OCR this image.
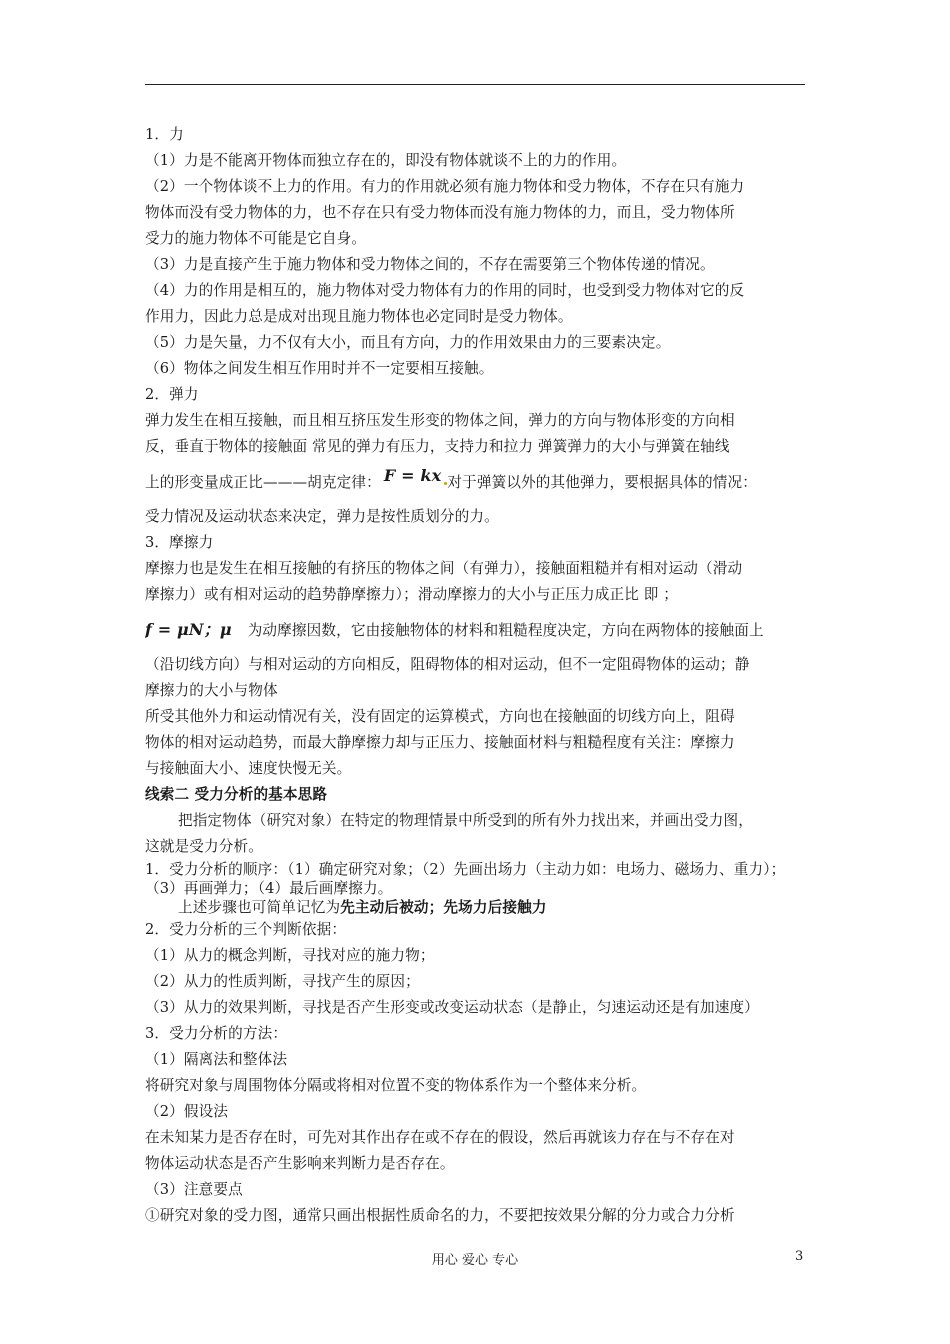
1．力
（1）力是不能离开物体而独立存在的，即没有物体就谈不上的力的作用。
（2）一个物体谈不上力的作用。有力的作用就必须有施力物体和受力物体，不存在只有施力
物体而没有受力物体的力，也不存在只有受力物体而没有施力物体的力，而且，受力物体所
受力的施力物体不可能是它自身。
（3）力是直接产生于施力物体和受力物体之间的，不存在需要第三个物体传递的情况。
（4）力的作用是相互的，施力物体对受力物体有力的作用的同时，也受到受力物体对它的反
作用力，因此力总是成对出现且施力物体也必定同时是受力物体。
（5）力是矢量，力不仅有大小，而且有方向，力的作用效果由力的三要素决定。
（6）物体之间发生相互作用时并不一定要相互接触。
2．弹力
弹力发生在相互接触，而且相互挤压发生形变的物体之间，弹力的方向与物体形变的方向相
反，垂直于物体的接触面 常见的弹力有压力，支持力和拉力 弹簧弹力的大小与弹簧在轴线
上的形变量成正比———胡克定律： F = kx 对于弹簧以外的其他弹力，要根据具体的情况：
受力情况及运动状态来决定，弹力是按性质划分的力。
3．摩擦力
摩擦力也是发生在相互接触的有挤压的物体之间（有弹力），接触面粗糙并有相对运动（滑动
摩擦力）或有相对运动的趋势静摩擦力）；滑动摩擦力的大小与正压力成正比 即 ；
f = μN；μ 为动摩擦因数，它由接触物体的材料和粗糙程度决定，方向在两物体的接触面上
（沿切线方向）与相对运动的方向相反，阻碍物体的相对运动，但不一定阻碍物体的运动；静
摩擦力的大小与物体
所受其他外力和运动情况有关，没有固定的运算模式，方向也在接触面的切线方向上，阻碍
物体的相对运动趋势，而最大静摩擦力却与正压力、接触面材料与粗糙程度有关注：摩擦力
与接触面大小、速度快慢无关。
线索二 受力分析的基本思路
把指定物体（研究对象）在特定的物理情景中所受到的所有外力找出来，并画出受力图，
这就是受力分析。
1．受力分析的顺序：（1）确定研究对象；（2）先画出场力（主动力如：电场力、磁场力、重力）；
（3）再画弹力；（4）最后画摩擦力。
上述步骤也可简单记忆为先主动后被动；先场力后接触力
2．受力分析的三个判断依据：
（1）从力的概念判断，寻找对应的施力物；
（2）从力的性质判断，寻找产生的原因；
（3）从力的效果判断，寻找是否产生形变或改变运动状态（是静止，匀速运动还是有加速度）
3．受力分析的方法：
（1）隔离法和整体法
将研究对象与周围物体分隔或将相对位置不变的物体系作为一个整体来分析。
（2）假设法
在未知某力是否存在时，可先对其作出存在或不存在的假设，然后再就该力存在与不存在对
物体运动状态是否产生影响来判断力是否存在。
（3）注意要点
①研究对象的受力图，通常只画出根据性质命名的力，不要把按效果分解的分力或合力分析
用心 爱心 专心	3
